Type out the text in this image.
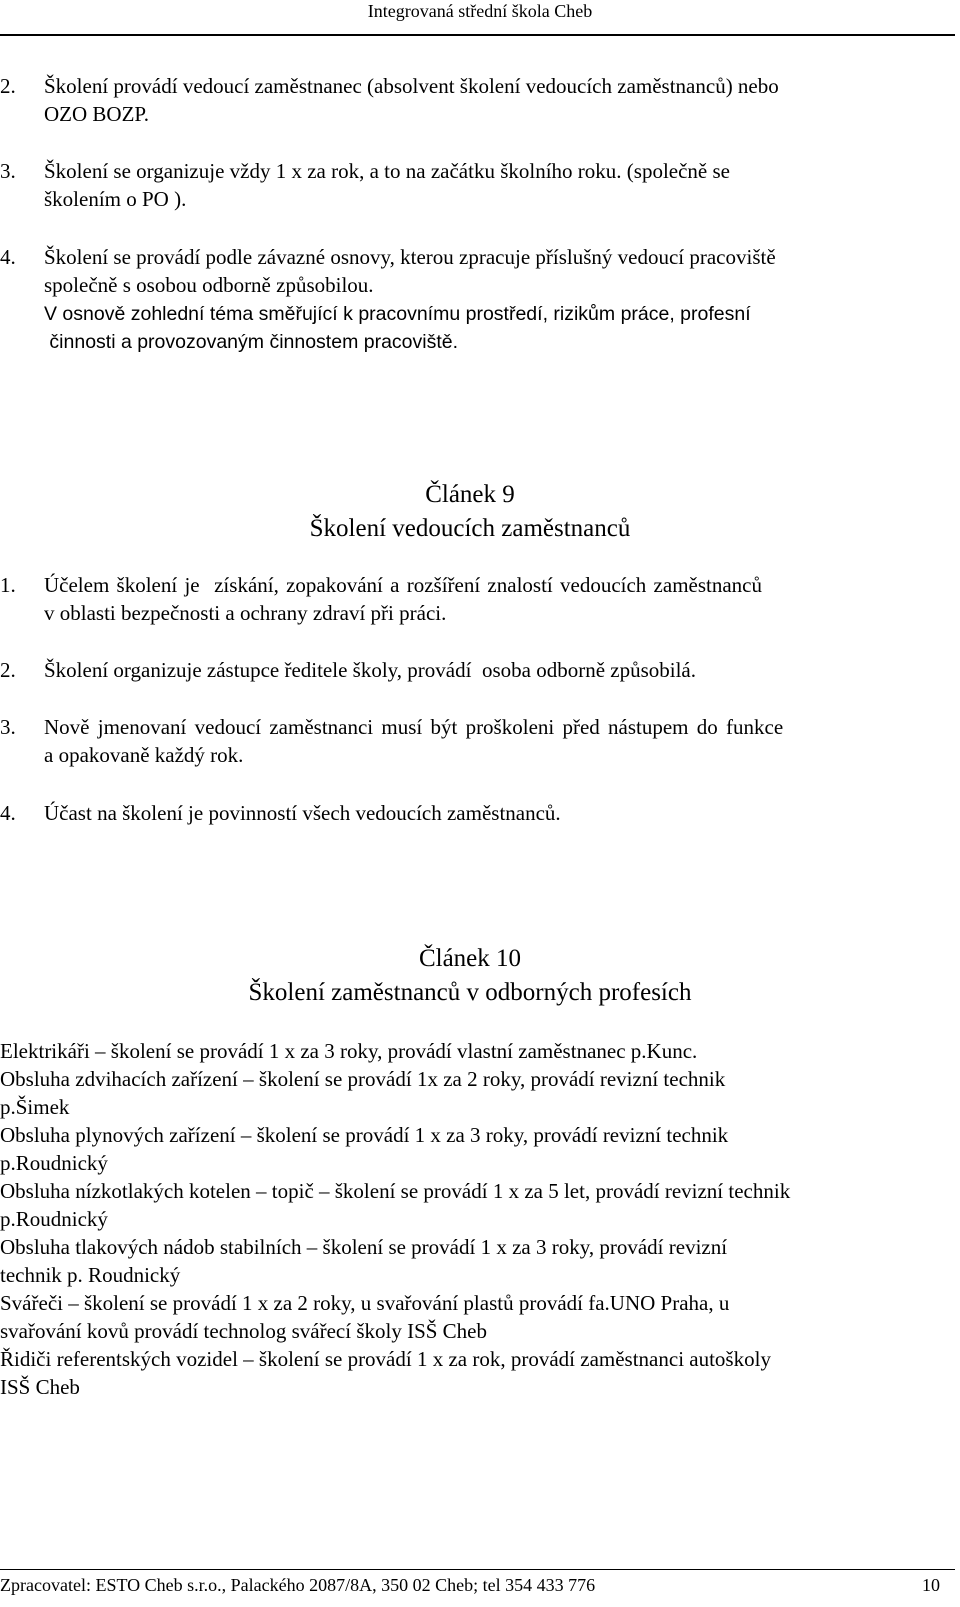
Integrovaná střední škola Cheb
2.	Školení provádí vedoucí zaměstnanec (absolvent školení vedoucích zaměstnanců) nebo
OZO BOZP.
3.	Školení se organizuje vždy 1 x za rok, a to na začátku školního roku. (společně se
školením o PO ).
4.	Školení se provádí podle závazné osnovy, kterou zpracuje příslušný vedoucí pracoviště
společně s osobou odborně způsobilou.
V osnově zohlední téma směřující k pracovnímu prostředí, rizikům práce, profesní
činnosti a provozovaným činnostem pracoviště.
Článek 9
Školení vedoucích zaměstnanců
1.	Účelem školení je  získání, zopakování a rozšíření znalostí vedoucích zaměstnanců
v oblasti bezpečnosti a ochrany zdraví při práci.
2.	Školení organizuje zástupce ředitele školy, provádí  osoba odborně způsobilá.
3.	Nově jmenovaní vedoucí zaměstnanci musí být proškoleni před nástupem do funkce
a opakovaně každý rok.
4.	Účast na školení je povinností všech vedoucích zaměstnanců.
Článek 10
Školení zaměstnanců v odborných profesích
Elektrikáři – školení se provádí 1 x za 3 roky, provádí vlastní zaměstnanec p.Kunc.
Obsluha zdvihacích zařízení – školení se provádí 1x za 2 roky, provádí revizní technik
p.Šimek
Obsluha plynových zařízení – školení se provádí 1 x za 3 roky, provádí revizní technik
p.Roudnický
Obsluha nízkotlakých kotelen – topič – školení se provádí 1 x za 5 let, provádí revizní technik
p.Roudnický
Obsluha tlakových nádob stabilních – školení se provádí 1 x za 3 roky, provádí revizní
technik p. Roudnický
Svářeči – školení se provádí 1 x za 2 roky, u svařování plastů provádí fa.UNO Praha, u
svařování kovů provádí technolog svářecí školy ISŠ Cheb
Řidiči referentských vozidel – školení se provádí 1 x za rok, provádí zaměstnanci autoškoly
ISŠ Cheb
Zpracovatel: ESTO Cheb s.r.o., Palackého 2087/8A, 350 02 Cheb; tel 354 433 776	10
